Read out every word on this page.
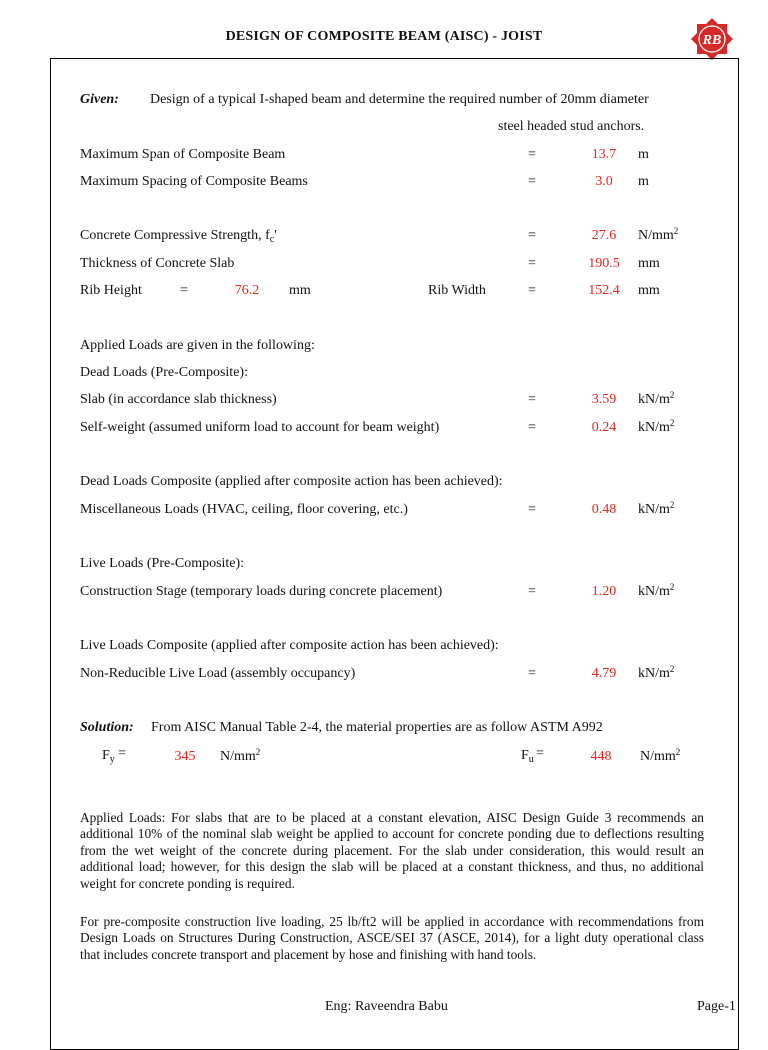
DESIGN OF COMPOSITE BEAM (AISC) - JOIST	RB
Given: Design of a typical I-shaped beam and determine the required number of 20mm diameter
steel headed stud anchors.
Maximum Span of Composite Beam	=	13.7	m
Maximum Spacing of Composite Beams	=	3.0	m
Concrete Compressive Strength, $f_c'$	=	27.6	$N/mm^2$
Thickness of Concrete Slab	=	190.5	mm
Rib Height	=	76.2	mm	Rib Width	=	152.4	mm
Applied Loads are given in the following:
Dead Loads (Pre-Composite):
Slab (in accordance slab thickness)	=	3.59	$kN/m^2$
Self-weight (assumed uniform load to account for beam weight)	=	0.24	$kN/m^2$
Dead Loads Composite (applied after composite action has been achieved):
Miscellaneous Loads (HVAC, ceiling, floor covering, etc.)	=	0.48	$kN/m^2$
Live Loads (Pre-Composite):
Construction Stage (temporary loads during concrete placement)	=	1.20	$kN/m^2$
Live Loads Composite (applied after composite action has been achieved):
Non-Reducible Live Load (assembly occupancy)	=	4.79	$kN/m^2$
Solution: From AISC Manual Table 2-4, the material properties are as follow ASTM A992
$F_y$ =	345	$N/mm^2$	$F_u$ =	448	$N/mm^2$
Applied Loads: For slabs that are to be placed at a constant elevation, AISC Design Guide 3 recommends an additional 10% of the nominal slab weight be applied to account for concrete ponding due to deflections resulting from the wet weight of the concrete during placement. For the slab under consideration, this would result an additional load; however, for this design the slab will be placed at a constant thickness, and thus, no additional weight for concrete ponding is required.
For pre-composite construction live loading, 25 lb/ft2 will be applied in accordance with recommendations from Design Loads on Structures During Construction, ASCE/SEI 37 (ASCE, 2014), for a light duty operational class that includes concrete transport and placement by hose and finishing with hand tools.
Eng: Raveendra Babu	Page-1
